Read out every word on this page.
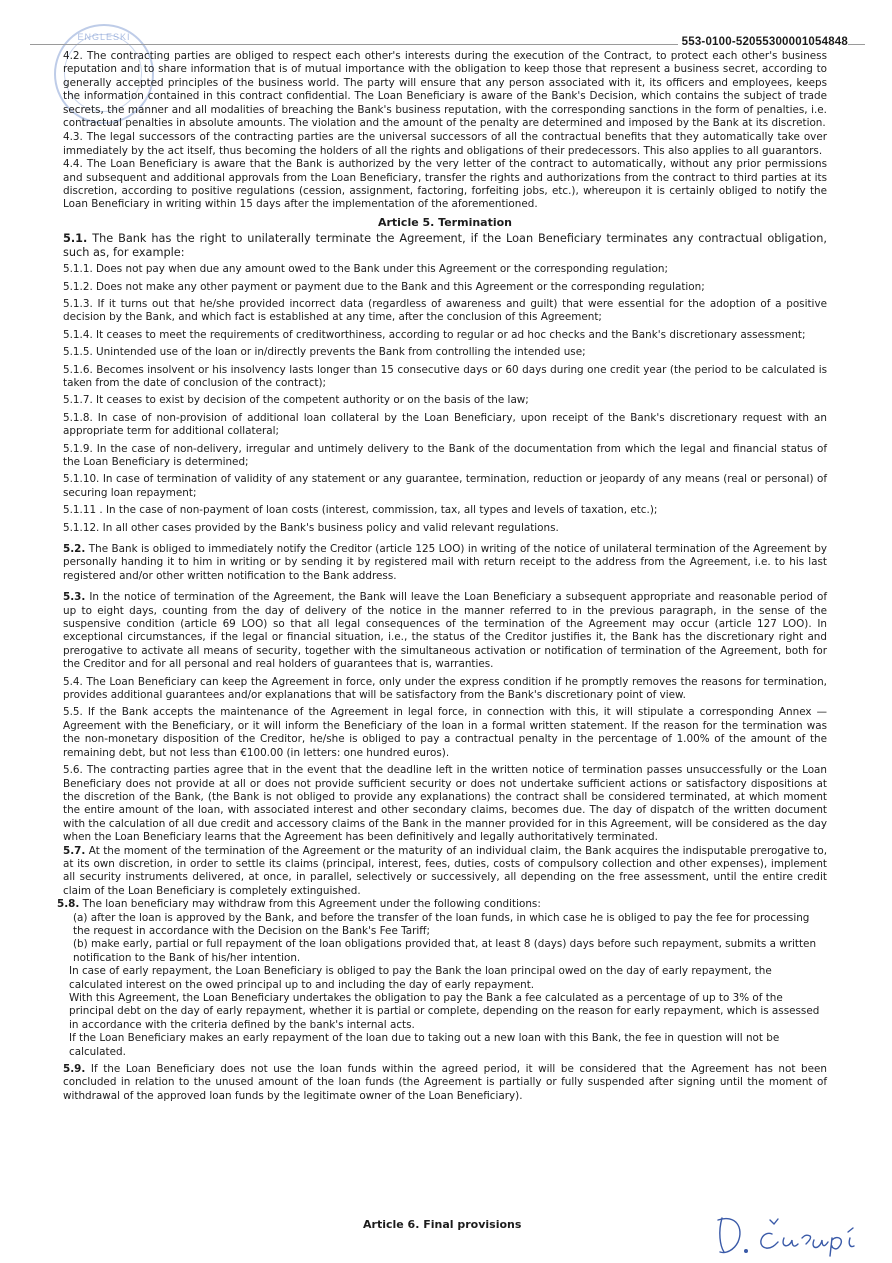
ENGLESKI	553-0100-52055300001054848

4.2. The contracting parties are obliged to respect each other's interests during the execution of the Contract, to protect each other's business reputation and to share information that is of mutual importance with the obligation to keep those that represent a business secret, according to generally accepted principles of the business world. The party will ensure that any person associated with it, its officers and employees, keeps the information contained in this contract confidential. The Loan Beneficiary is aware of the Bank's Decision, which contains the subject of trade secrets, the manner and all modalities of breaching the Bank's business reputation, with the corresponding sanctions in the form of penalties, i.e. contractual penalties in absolute amounts. The violation and the amount of the penalty are determined and imposed by the Bank at its discretion.

4.3. The legal successors of the contracting parties are the universal successors of all the contractual benefits that they automatically take over immediately by the act itself, thus becoming the holders of all the rights and obligations of their predecessors. This also applies to all guarantors.

4.4. The Loan Beneficiary is aware that the Bank is authorized by the very letter of the contract to automatically, without any prior permissions and subsequent and additional approvals from the Loan Beneficiary, transfer the rights and authorizations from the contract to third parties at its discretion, according to positive regulations (cession, assignment, factoring, forfeiting jobs, etc.), whereupon it is certainly obliged to notify the Loan Beneficiary in writing within 15 days after the implementation of the aforementioned.

Article 5. Termination

5.1. The Bank has the right to unilaterally terminate the Agreement, if the Loan Beneficiary terminates any contractual obligation, such as, for example:

5.1.1. Does not pay when due any amount owed to the Bank under this Agreement or the corresponding regulation;

5.1.2. Does not make any other payment or payment due to the Bank and this Agreement or the corresponding regulation;

5.1.3. If it turns out that he/she provided incorrect data (regardless of awareness and guilt) that were essential for the adoption of a positive decision by the Bank, and which fact is established at any time, after the conclusion of this Agreement;

5.1.4. It ceases to meet the requirements of creditworthiness, according to regular or ad hoc checks and the Bank's discretionary assessment;

5.1.5. Unintended use of the loan or in/directly prevents the Bank from controlling the intended use;

5.1.6. Becomes insolvent or his insolvency lasts longer than 15 consecutive days or 60 days during one credit year (the period to be calculated is taken from the date of conclusion of the contract);

5.1.7. It ceases to exist by decision of the competent authority or on the basis of the law;

5.1.8. In case of non-provision of additional loan collateral by the Loan Beneficiary, upon receipt of the Bank's discretionary request with an appropriate term for additional collateral;

5.1.9. In the case of non-delivery, irregular and untimely delivery to the Bank of the documentation from which the legal and financial status of the Loan Beneficiary is determined;

5.1.10. In case of termination of validity of any statement or any guarantee, termination, reduction or jeopardy of any means (real or personal) of securing loan repayment;

5.1.11 . In the case of non-payment of loan costs (interest, commission, tax, all types and levels of taxation, etc.);

5.1.12. In all other cases provided by the Bank's business policy and valid relevant regulations.

5.2. The Bank is obliged to immediately notify the Creditor (article 125 LOO) in writing of the notice of unilateral termination of the Agreement by personally handing it to him in writing or by sending it by registered mail with return receipt to the address from the Agreement, i.e. to his last registered and/or other written notification to the Bank address.

5.3. In the notice of termination of the Agreement, the Bank will leave the Loan Beneficiary a subsequent appropriate and reasonable period of up to eight days, counting from the day of delivery of the notice in the manner referred to in the previous paragraph, in the sense of the suspensive condition (article 69 LOO) so that all legal consequences of the termination of the Agreement may occur (article 127 LOO). In exceptional circumstances, if the legal or financial situation, i.e., the status of the Creditor justifies it, the Bank has the discretionary right and prerogative to activate all means of security, together with the simultaneous activation or notification of termination of the Agreement, both for the Creditor and for all personal and real holders of guarantees that is, warranties.

5.4. The Loan Beneficiary can keep the Agreement in force, only under the express condition if he promptly removes the reasons for termination, provides additional guarantees and/or explanations that will be satisfactory from the Bank's discretionary point of view.

5.5. If the Bank accepts the maintenance of the Agreement in legal force, in connection with this, it will stipulate a corresponding Annex — Agreement with the Beneficiary, or it will inform the Beneficiary of the loan in a formal written statement. If the reason for the termination was the non-monetary disposition of the Creditor, he/she is obliged to pay a contractual penalty in the percentage of 1.00% of the amount of the remaining debt, but not less than €100.00 (in letters: one hundred euros).

5.6. The contracting parties agree that in the event that the deadline left in the written notice of termination passes unsuccessfully or the Loan Beneficiary does not provide at all or does not provide sufficient security or does not undertake sufficient actions or satisfactory dispositions at the discretion of the Bank, (the Bank is not obliged to provide any explanations) the contract shall be considered terminated, at which moment the entire amount of the loan, with associated interest and other secondary claims, becomes due. The day of dispatch of the written document with the calculation of all due credit and accessory claims of the Bank in the manner provided for in this Agreement, will be considered as the day when the Loan Beneficiary learns that the Agreement has been definitively and legally authoritatively terminated.

5.7. At the moment of the termination of the Agreement or the maturity of an individual claim, the Bank acquires the indisputable prerogative to, at its own discretion, in order to settle its claims (principal, interest, fees, duties, costs of compulsory collection and other expenses), implement all security instruments delivered, at once, in parallel, selectively or successively, all depending on the free assessment, until the entire credit claim of the Loan Beneficiary is completely extinguished.

5.8. The loan beneficiary may withdraw from this Agreement under the following conditions:

(a) after the loan is approved by the Bank, and before the transfer of the loan funds, in which case he is obliged to pay the fee for processing the request in accordance with the Decision on the Bank's Fee Tariff;

(b) make early, partial or full repayment of the loan obligations provided that, at least 8 (days) days before such repayment, submits a written notification to the Bank of his/her intention.

In case of early repayment, the Loan Beneficiary is obliged to pay the Bank the loan principal owed on the day of early repayment, the calculated interest on the owed principal up to and including the day of early repayment.

With this Agreement, the Loan Beneficiary undertakes the obligation to pay the Bank a fee calculated as a percentage of up to 3% of the principal debt on the day of early repayment, whether it is partial or complete, depending on the reason for early repayment, which is assessed in accordance with the criteria defined by the bank's internal acts.

If the Loan Beneficiary makes an early repayment of the loan due to taking out a new loan with this Bank, the fee in question will not be calculated.

5.9. If the Loan Beneficiary does not use the loan funds within the agreed period, it will be considered that the Agreement has not been concluded in relation to the unused amount of the loan funds (the Agreement is partially or fully suspended after signing until the moment of withdrawal of the approved loan funds by the legitimate owner of the Loan Beneficiary).

Article 6. Final provisions
